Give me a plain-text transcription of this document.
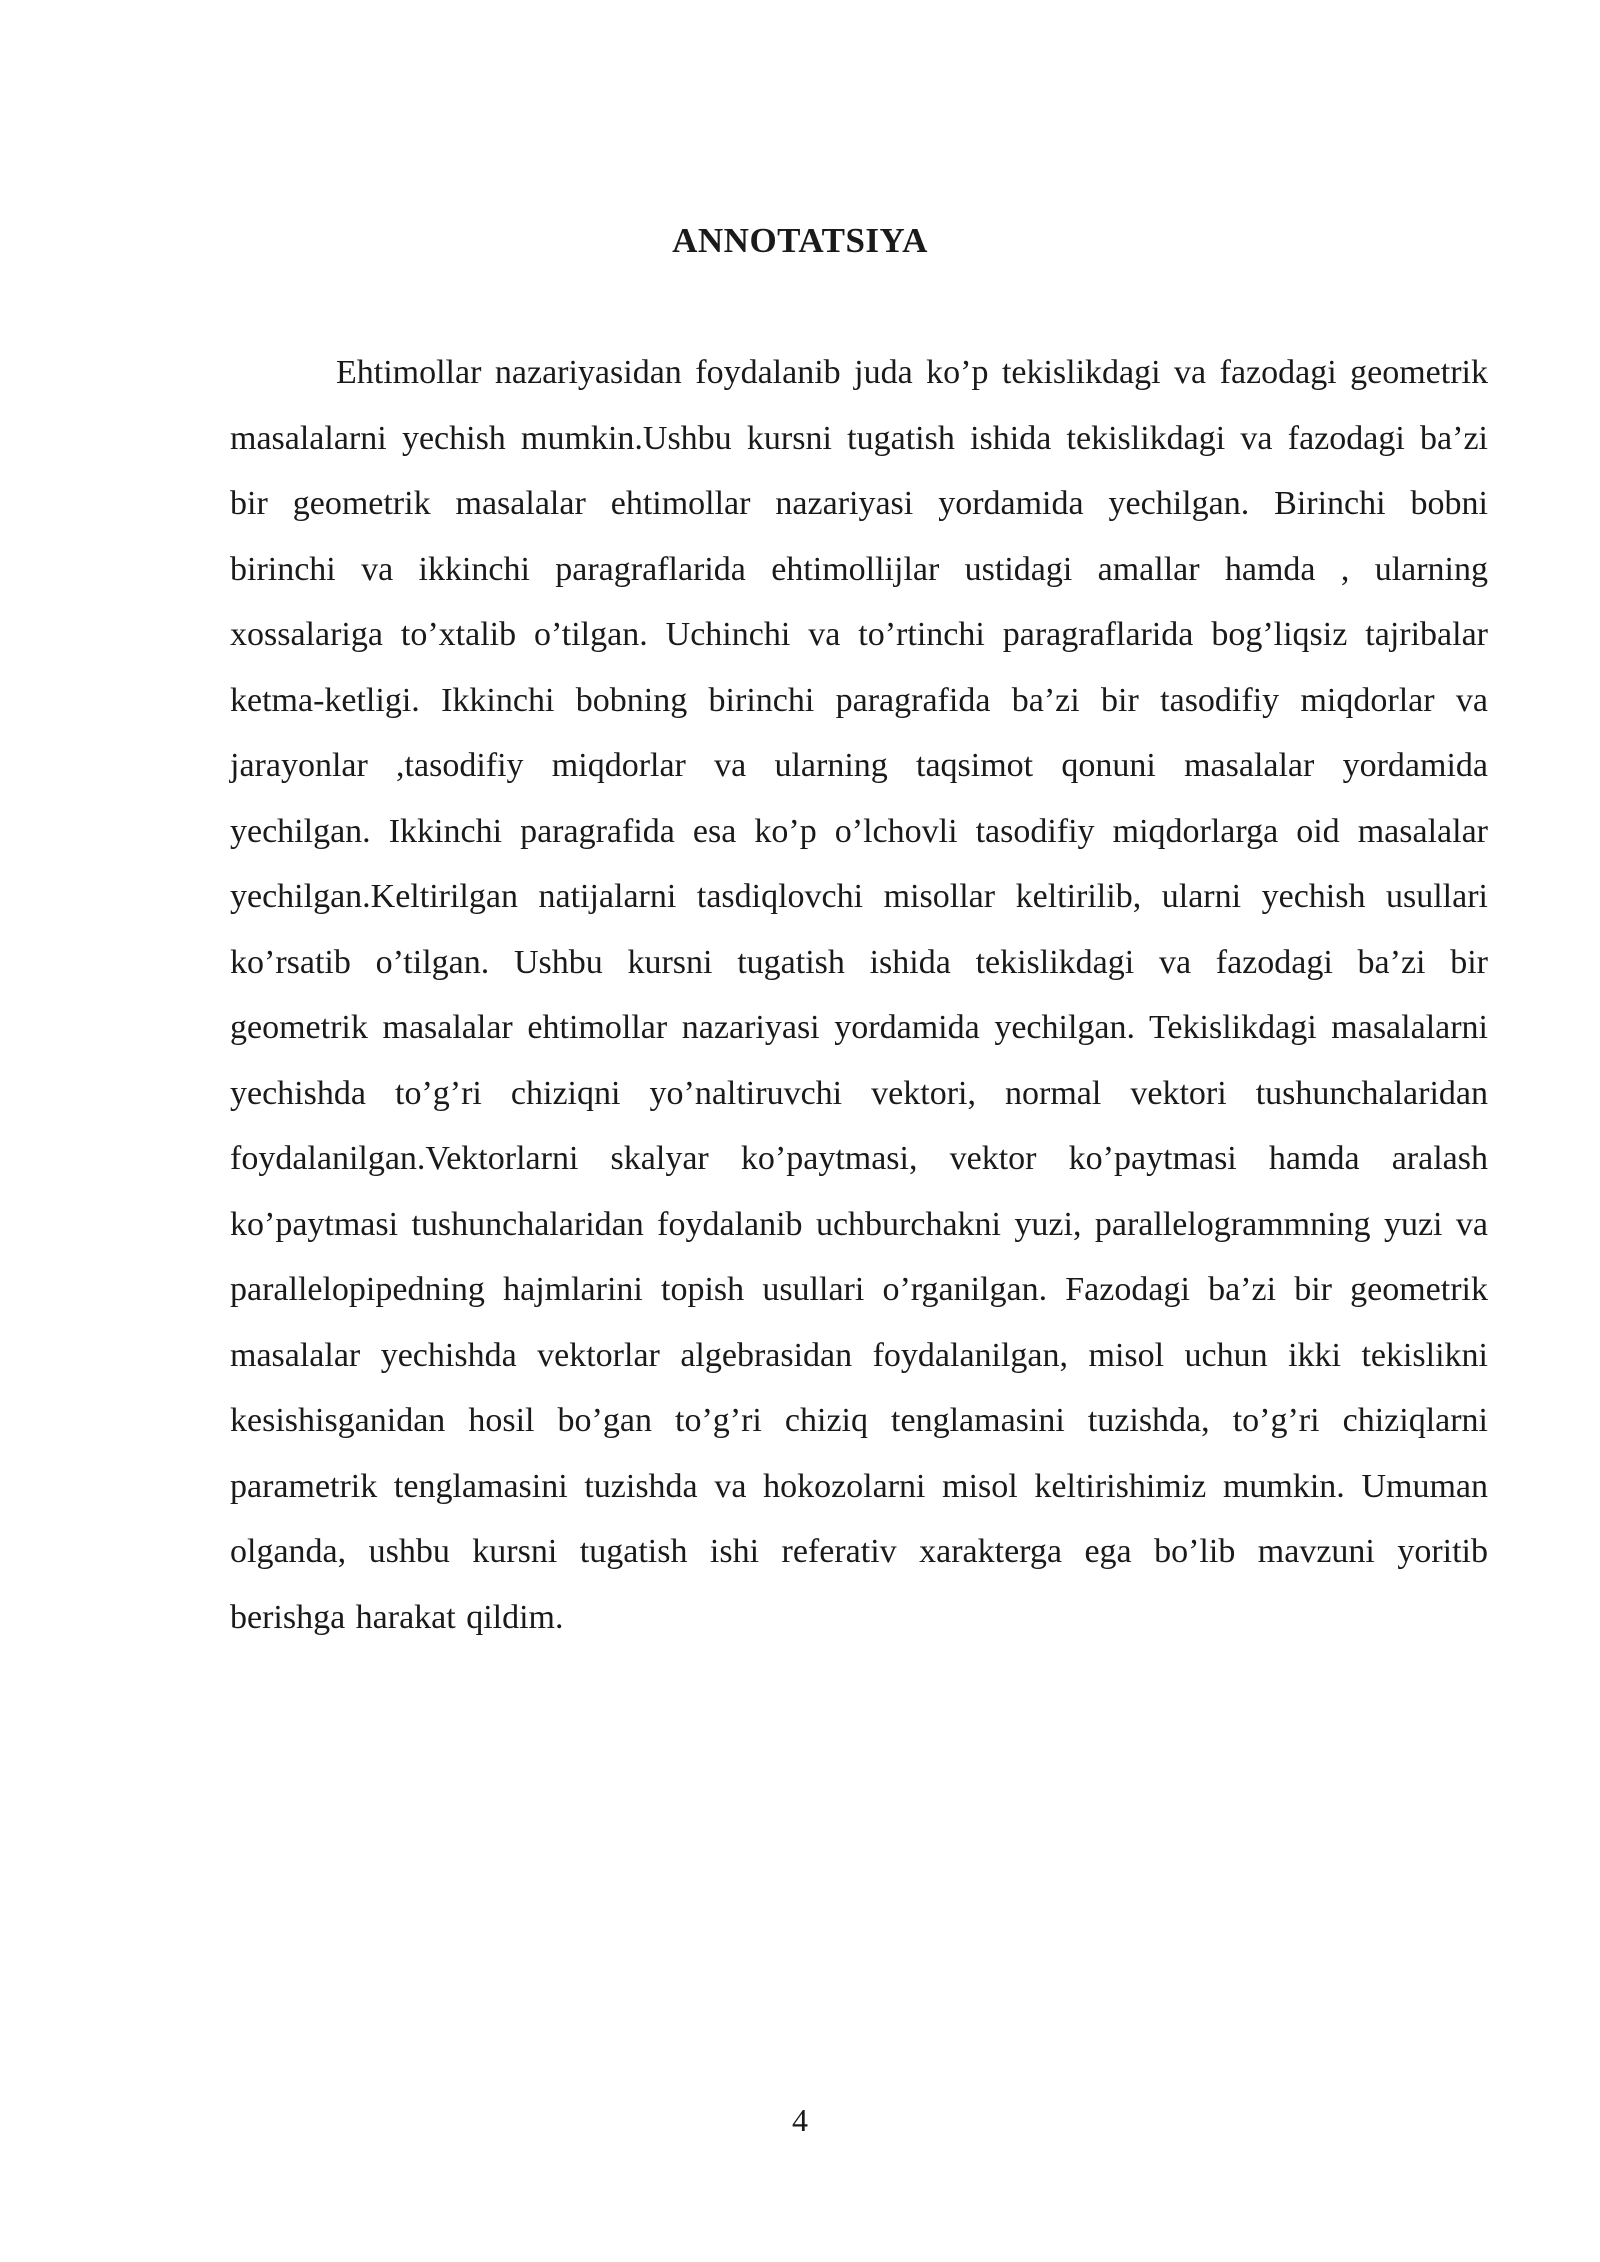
ANNOTATSIYA

Ehtimollar nazariyasidan foydalanib juda ko’p tekislikdagi va fazodagi geometrik masalalarni yechish mumkin.Ushbu kursni tugatish ishida tekislikdagi va fazodagi ba’zi bir geometrik masalalar ehtimollar nazariyasi yordamida yechilgan. Birinchi bobni birinchi va ikkinchi paragraflarida ehtimollijlar ustidagi amallar hamda , ularning xossalariga to’xtalib o’tilgan. Uchinchi va to’rtinchi paragraflarida bog’liqsiz tajribalar ketma-ketligi. Ikkinchi bobning birinchi paragrafida ba’zi bir tasodifiy miqdorlar va jarayonlar ,tasodifiy miqdorlar va ularning taqsimot qonuni masalalar yordamida yechilgan. Ikkinchi paragrafida esa ko’p o’lchovli tasodifiy miqdorlarga oid masalalar yechilgan.Keltirilgan natijalarni tasdiqlovchi misollar keltirilib, ularni yechish usullari ko’rsatib o’tilgan. Ushbu kursni tugatish ishida tekislikdagi va fazodagi ba’zi bir geometrik masalalar ehtimollar nazariyasi yordamida yechilgan. Tekislikdagi masalalarni yechishda to’g’ri chiziqni yo’naltiruvchi vektori, normal vektori tushunchalaridan foydalanilgan.Vektorlarni skalyar ko’paytmasi, vektor ko’paytmasi hamda aralash ko’paytmasi tushunchalaridan foydalanib uchburchakni yuzi, parallelogrammning yuzi va parallelopipedning hajmlarini topish usullari o’rganilgan. Fazodagi ba’zi bir geometrik masalalar yechishda vektorlar algebrasidan foydalanilgan, misol uchun ikki tekislikni kesishisganidan hosil bo’gan to’g’ri chiziq tenglamasini tuzishda, to’g’ri chiziqlarni parametrik tenglamasini tuzishda va hokozolarni misol keltirishimiz mumkin. Umuman olganda, ushbu kursni tugatish ishi referativ xarakterga ega bo’lib mavzuni yoritib berishga harakat qildim.

4
